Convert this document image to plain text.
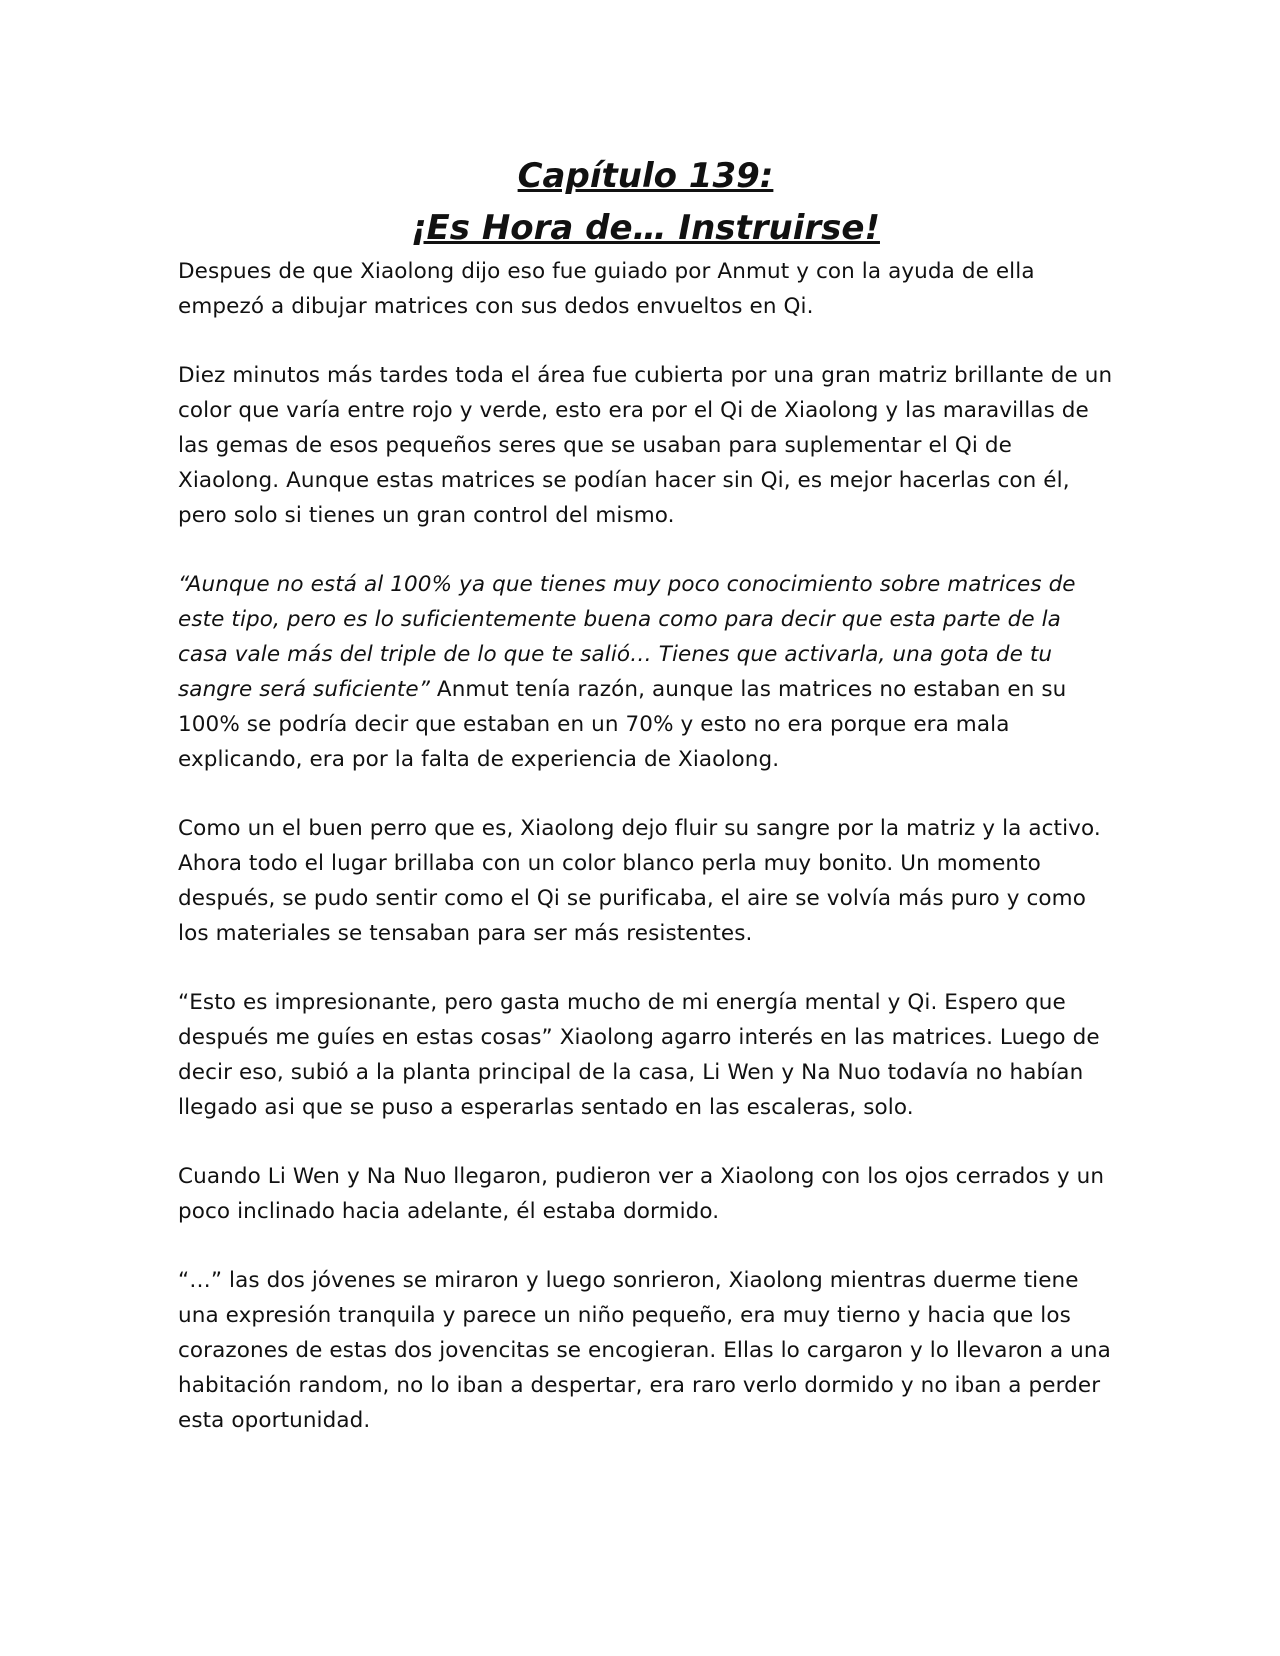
Capítulo 139:
¡Es Hora de… Instruirse!

Despues de que Xiaolong dijo eso fue guiado por Anmut y con la ayuda de ella empezó a dibujar matrices con sus dedos envueltos en Qi.

Diez minutos más tardes toda el área fue cubierta por una gran matriz brillante de un color que varía entre rojo y verde, esto era por el Qi de Xiaolong y las maravillas de las gemas de esos pequeños seres que se usaban para suplementar el Qi de Xiaolong. Aunque estas matrices se podían hacer sin Qi, es mejor hacerlas con él, pero solo si tienes un gran control del mismo.

“Aunque no está al 100% ya que tienes muy poco conocimiento sobre matrices de este tipo, pero es lo suficientemente buena como para decir que esta parte de la casa vale más del triple de lo que te salió… Tienes que activarla, una gota de tu sangre será suficiente” Anmut tenía razón, aunque las matrices no estaban en su 100% se podría decir que estaban en un 70% y esto no era porque era mala explicando, era por la falta de experiencia de Xiaolong.

Como un el buen perro que es, Xiaolong dejo fluir su sangre por la matriz y la activo. Ahora todo el lugar brillaba con un color blanco perla muy bonito. Un momento después, se pudo sentir como el Qi se purificaba, el aire se volvía más puro y como los materiales se tensaban para ser más resistentes.

“Esto es impresionante, pero gasta mucho de mi energía mental y Qi. Espero que después me guíes en estas cosas” Xiaolong agarro interés en las matrices. Luego de decir eso, subió a la planta principal de la casa, Li Wen y Na Nuo todavía no habían llegado asi que se puso a esperarlas sentado en las escaleras, solo.

Cuando Li Wen y Na Nuo llegaron, pudieron ver a Xiaolong con los ojos cerrados y un poco inclinado hacia adelante, él estaba dormido.

“…” las dos jóvenes se miraron y luego sonrieron, Xiaolong mientras duerme tiene una expresión tranquila y parece un niño pequeño, era muy tierno y hacia que los corazones de estas dos jovencitas se encogieran. Ellas lo cargaron y lo llevaron a una habitación random, no lo iban a despertar, era raro verlo dormido y no iban a perder esta oportunidad.
